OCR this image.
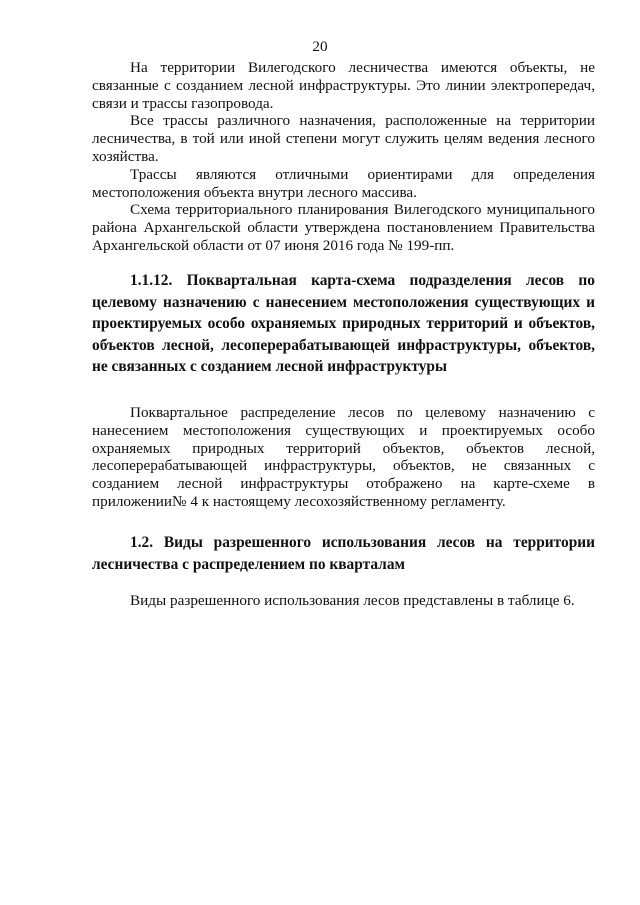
20

На территории Вилегодского лесничества имеются объекты, не связанные с созданием лесной инфраструктуры. Это линии электропередач, связи и трассы газопровода.

Все трассы различного назначения, расположенные на территории лесничества, в той или иной степени могут служить целям ведения лесного хозяйства.

Трассы являются отличными ориентирами для определения местоположения объекта внутри лесного массива.

Схема территориального планирования Вилегодского муниципального района Архангельской области утверждена постановлением Правительства Архангельской области от 07 июня 2016 года № 199-пп.

1.1.12. Поквартальная карта-схема подразделения лесов по целевому назначению с нанесением местоположения существующих и проектируемых особо охраняемых природных территорий и объектов, объектов лесной, лесоперерабатывающей инфраструктуры, объектов, не связанных с созданием лесной инфраструктуры

Поквартальное распределение лесов по целевому назначению с нанесением местоположения существующих и проектируемых особо охраняемых природных территорий объектов, объектов лесной, лесоперерабатывающей инфраструктуры, объектов, не связанных с созданием лесной инфраструктуры отображено на карте-схеме в приложении№ 4 к настоящему лесохозяйственному регламенту.

1.2. Виды разрешенного использования лесов на территории лесничества с распределением по кварталам

Виды разрешенного использования лесов представлены в таблице 6.
